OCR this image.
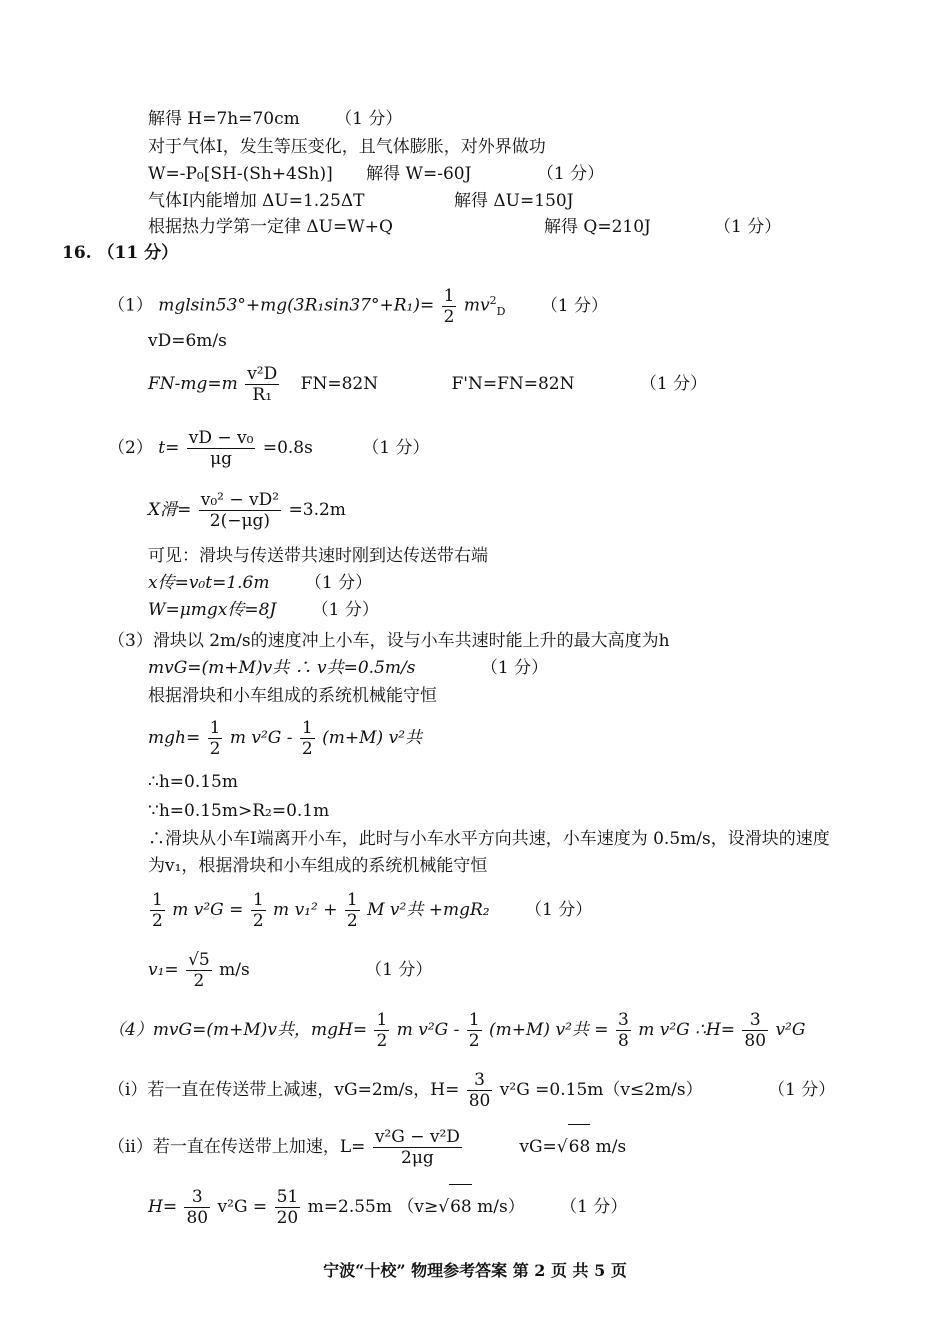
解得 H=7h=70cm （1 分）
对于气体I，发生等压变化，且气体膨胀，对外界做功
W=-P₀[SH-(Sh+4Sh)] 解得 W=-60J	（1 分）
气体I内能增加 ΔU=1.25ΔT	解得 ΔU=150J
根据热力学第一定律 ΔU=W+Q	解得 Q=210J	（1 分）
16. （11 分）
（1） $mglsin53^\circ+mg(3R_1\sin 37^\circ+R_1)= \frac{1}{2} mv^2_D$ （1 分）
vD=6m/s
$FN-mg=m \frac{\text{v²D}}{\text{R₁}} FN=82N$	F'N=FN=82N	（1 分）
（2） $t= \frac{\text{vD − v₀}}{\mu g} =0.8s$	（1 分）
X滑= $\frac{\text{v₀² − vD²}}{2(-\mu g)} =3.2m$
可见：滑块与传送带共速时刚到达传送带右端
x传=v₀t=1.6m （1 分）
W=μmgx传=8J （1 分）
（3）滑块以 2m/s的速度冲上小车，设与小车共速时能上升的最大高度为h
mvG=(m+M)v共 ∴ v共=0.5m/s	（1 分）
根据滑块和小车组成的系统机械能守恒
$mgh= \frac{1}{2}$ m $v^2G - \frac{1}{2} (m+M)$ v²共
∴h=0.15m
∵h=0.15m>R₂=0.1m
∴滑块从小车I端离开小车，此时与小车水平方向共速，小车速度为 0.5m/s，设滑块的速度
为v₁，根据滑块和小车组成的系统机械能守恒
$\frac{1}{2}$ m $v^2G = \frac{1}{2}$ m $v_1^2 + \frac{1}{2}$ M v²共 +mgR₂ （1 分）
$v_1= \frac{√5}{2} m/s$	（1 分）
（4）mvG=(m+M)v共，$mgH= \frac{1}{2}$ m $v^2G - \frac{1}{2} (m+M)$ v²共 = $\frac{3}{8}$ m v²G ∴H= $\frac{3}{80} v^2G$
（i）若一直在传送带上减速，vG=2m/s，$H= \frac{3}{80} v^2G =0.15m(v\le 2m/s)$	（1 分）
（ii）若一直在传送带上加速，$L= \frac{\text{v²G − v²D}}{2\mu g}$	vG=√68 m/s
$H= \frac{3}{80} v^2G = \frac{51}{20} m=2.55m$ （v≥√68 m/s） （1 分）
宁波“十校” 物理参考答案 第 2 页 共 5 页
